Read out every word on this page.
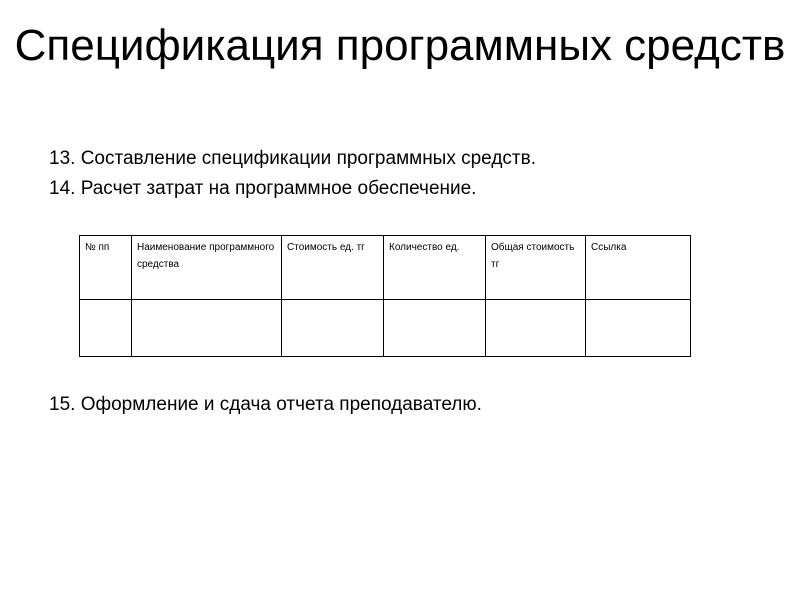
Спецификация программных средств
13. Составление спецификации программных средств.
14. Расчет затрат на программное обеспечение.
№ пп	Наименование программного средства	Стоимость ед. тг	Количество ед.	Общая стоимость тг	Ссылка

15. Оформление и сдача отчета преподавателю.
